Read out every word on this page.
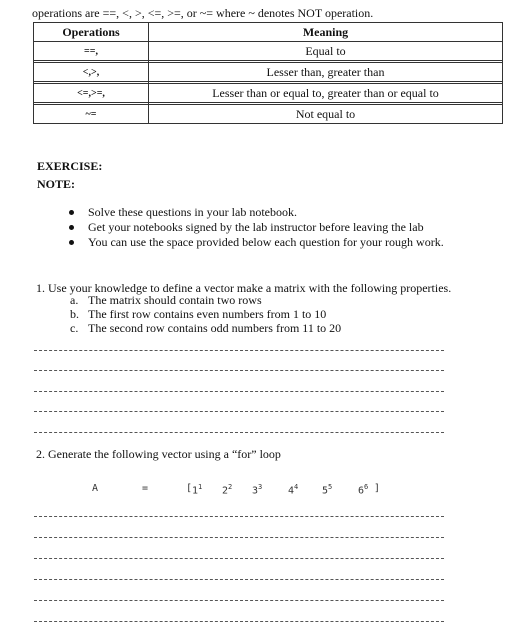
operations are ==, <, >, <=, >=, or ~= where ~ denotes NOT operation.
Operations	Meaning
==,	Equal to

<,>,	Lesser than, greater than

<=,>=,	Lesser than or equal to, greater than or equal to

~=	Not equal to
EXERCISE:
NOTE:
Solve these questions in your lab notebook.
Get your notebooks signed by the lab instructor before leaving the lab
You can use the space provided below each question for your rough work.
1. Use your knowledge to define a vector make a matrix with the following properties.
a. The matrix should contain two rows
b. The first row contains even numbers from 1 to 10
c. The second row contains odd numbers from 11 to 20
2. Generate the following vector using a “for” loop
A	=	[ $1^1$ $2^2$ $3^3$	$4^4$ $5^5$	$6^6$ ]
